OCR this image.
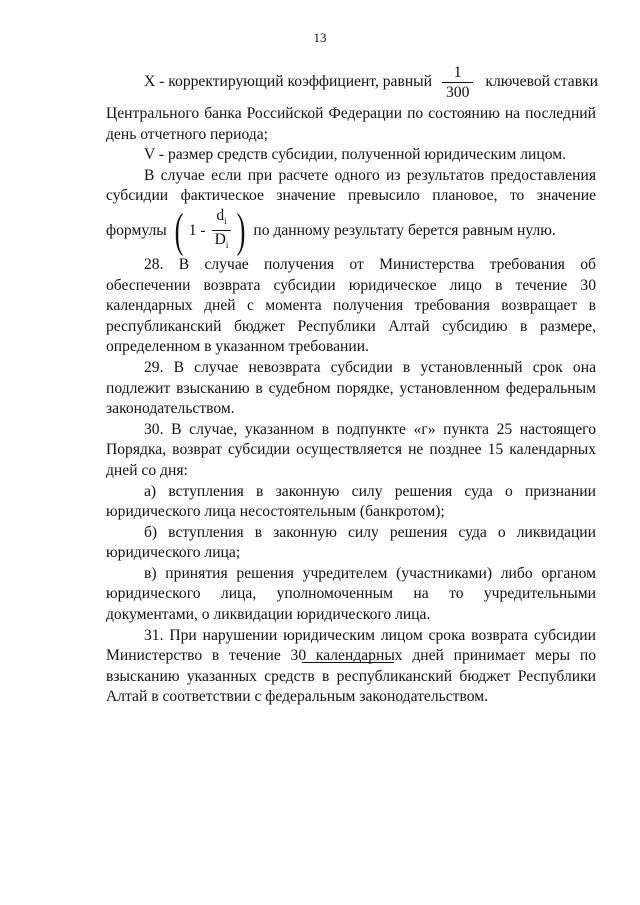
13
X - корректирующий коэффициент, равный $\frac{1}{300}$ ключевой ставки

Центрального банка Российской Федерации по состоянию на последний день отчетного периода;

V - размер средств субсидии, полученной юридическим лицом.

В случае если при расчете одного из результатов предоставления субсидии фактическое значение превысило плановое, то значение

формулы ( $1 - \frac{d_i}{D_i}$ ) по данному результату берется равным нулю.

28. В случае получения от Министерства требования об обеспечении возврата субсидии юридическое лицо в течение 30 календарных дней с момента получения требования возвращает в республиканский бюджет Республики Алтай субсидию в размере, определенном в указанном требовании.

29. В случае невозврата субсидии в установленный срок она подлежит взысканию в судебном порядке, установленном федеральным законодательством.

30. В случае, указанном в подпункте «г» пункта 25 настоящего Порядка, возврат субсидии осуществляется не позднее 15 календарных дней со дня:

а) вступления в законную силу решения суда о признании юридического лица несостоятельным (банкротом);

б) вступления в законную силу решения суда о ликвидации юридического лица;

в) принятия решения учредителем (участниками) либо органом юридического лица, уполномоченным на то учредительными документами, о ликвидации юридического лица.

31. При нарушении юридическим лицом срока возврата субсидии Министерство в течение 30 календарных дней принимает меры по взысканию указанных средств в республиканский бюджет Республики Алтай в соответствии с федеральным законодательством.
